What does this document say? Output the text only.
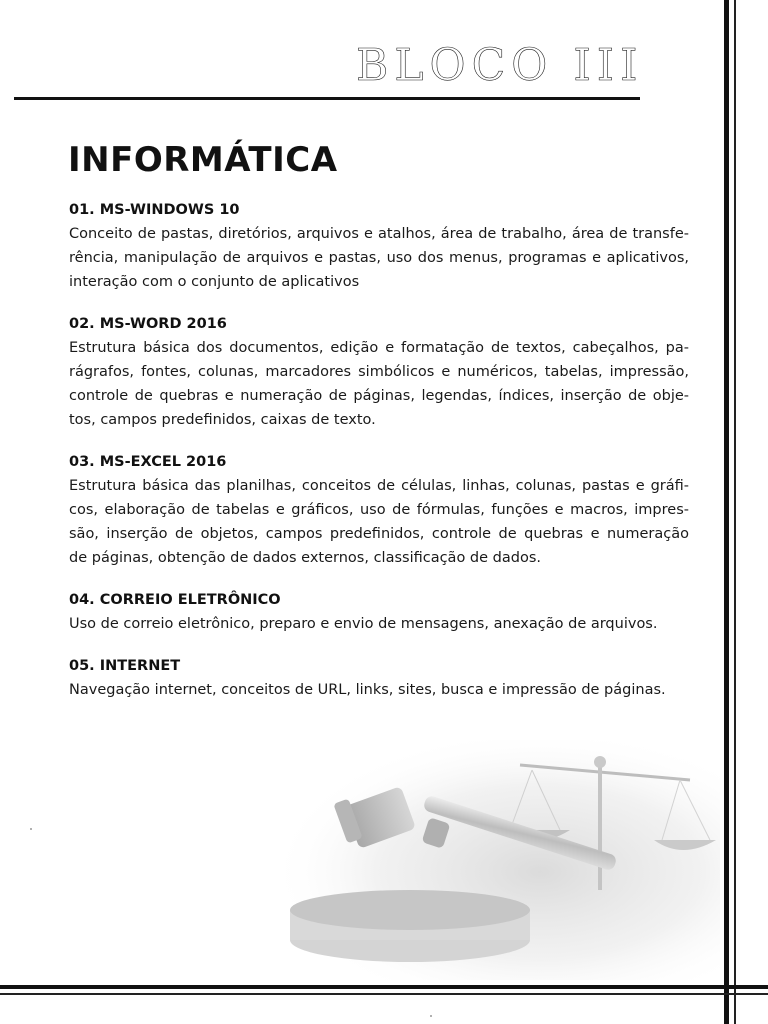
BLOCO III
INFORMÁTICA
01. MS-WINDOWS 10
Conceito de pastas, diretórios, arquivos e atalhos, área de trabalho, área de transfe-
rência, manipulação de arquivos e pastas, uso dos menus, programas e aplicativos,
interação com o conjunto de aplicativos
02. MS-WORD 2016
Estrutura básica dos documentos, edição e formatação de textos, cabeçalhos, pa-
rágrafos, fontes, colunas, marcadores simbólicos e numéricos, tabelas, impressão,
controle de quebras e numeração de páginas, legendas, índices, inserção de obje-
tos, campos predefinidos, caixas de texto.
03. MS-EXCEL 2016
Estrutura básica das planilhas, conceitos de células, linhas, colunas, pastas e gráfi-
cos, elaboração de tabelas e gráficos, uso de fórmulas, funções e macros, impres-
são, inserção de objetos, campos predefinidos, controle de quebras e numeração
de páginas, obtenção de dados externos, classificação de dados.
04. CORREIO ELETRÔNICO
Uso de correio eletrônico, preparo e envio de mensagens, anexação de arquivos.
05. INTERNET
Navegação internet, conceitos de URL, links, sites, busca e impressão de páginas.
